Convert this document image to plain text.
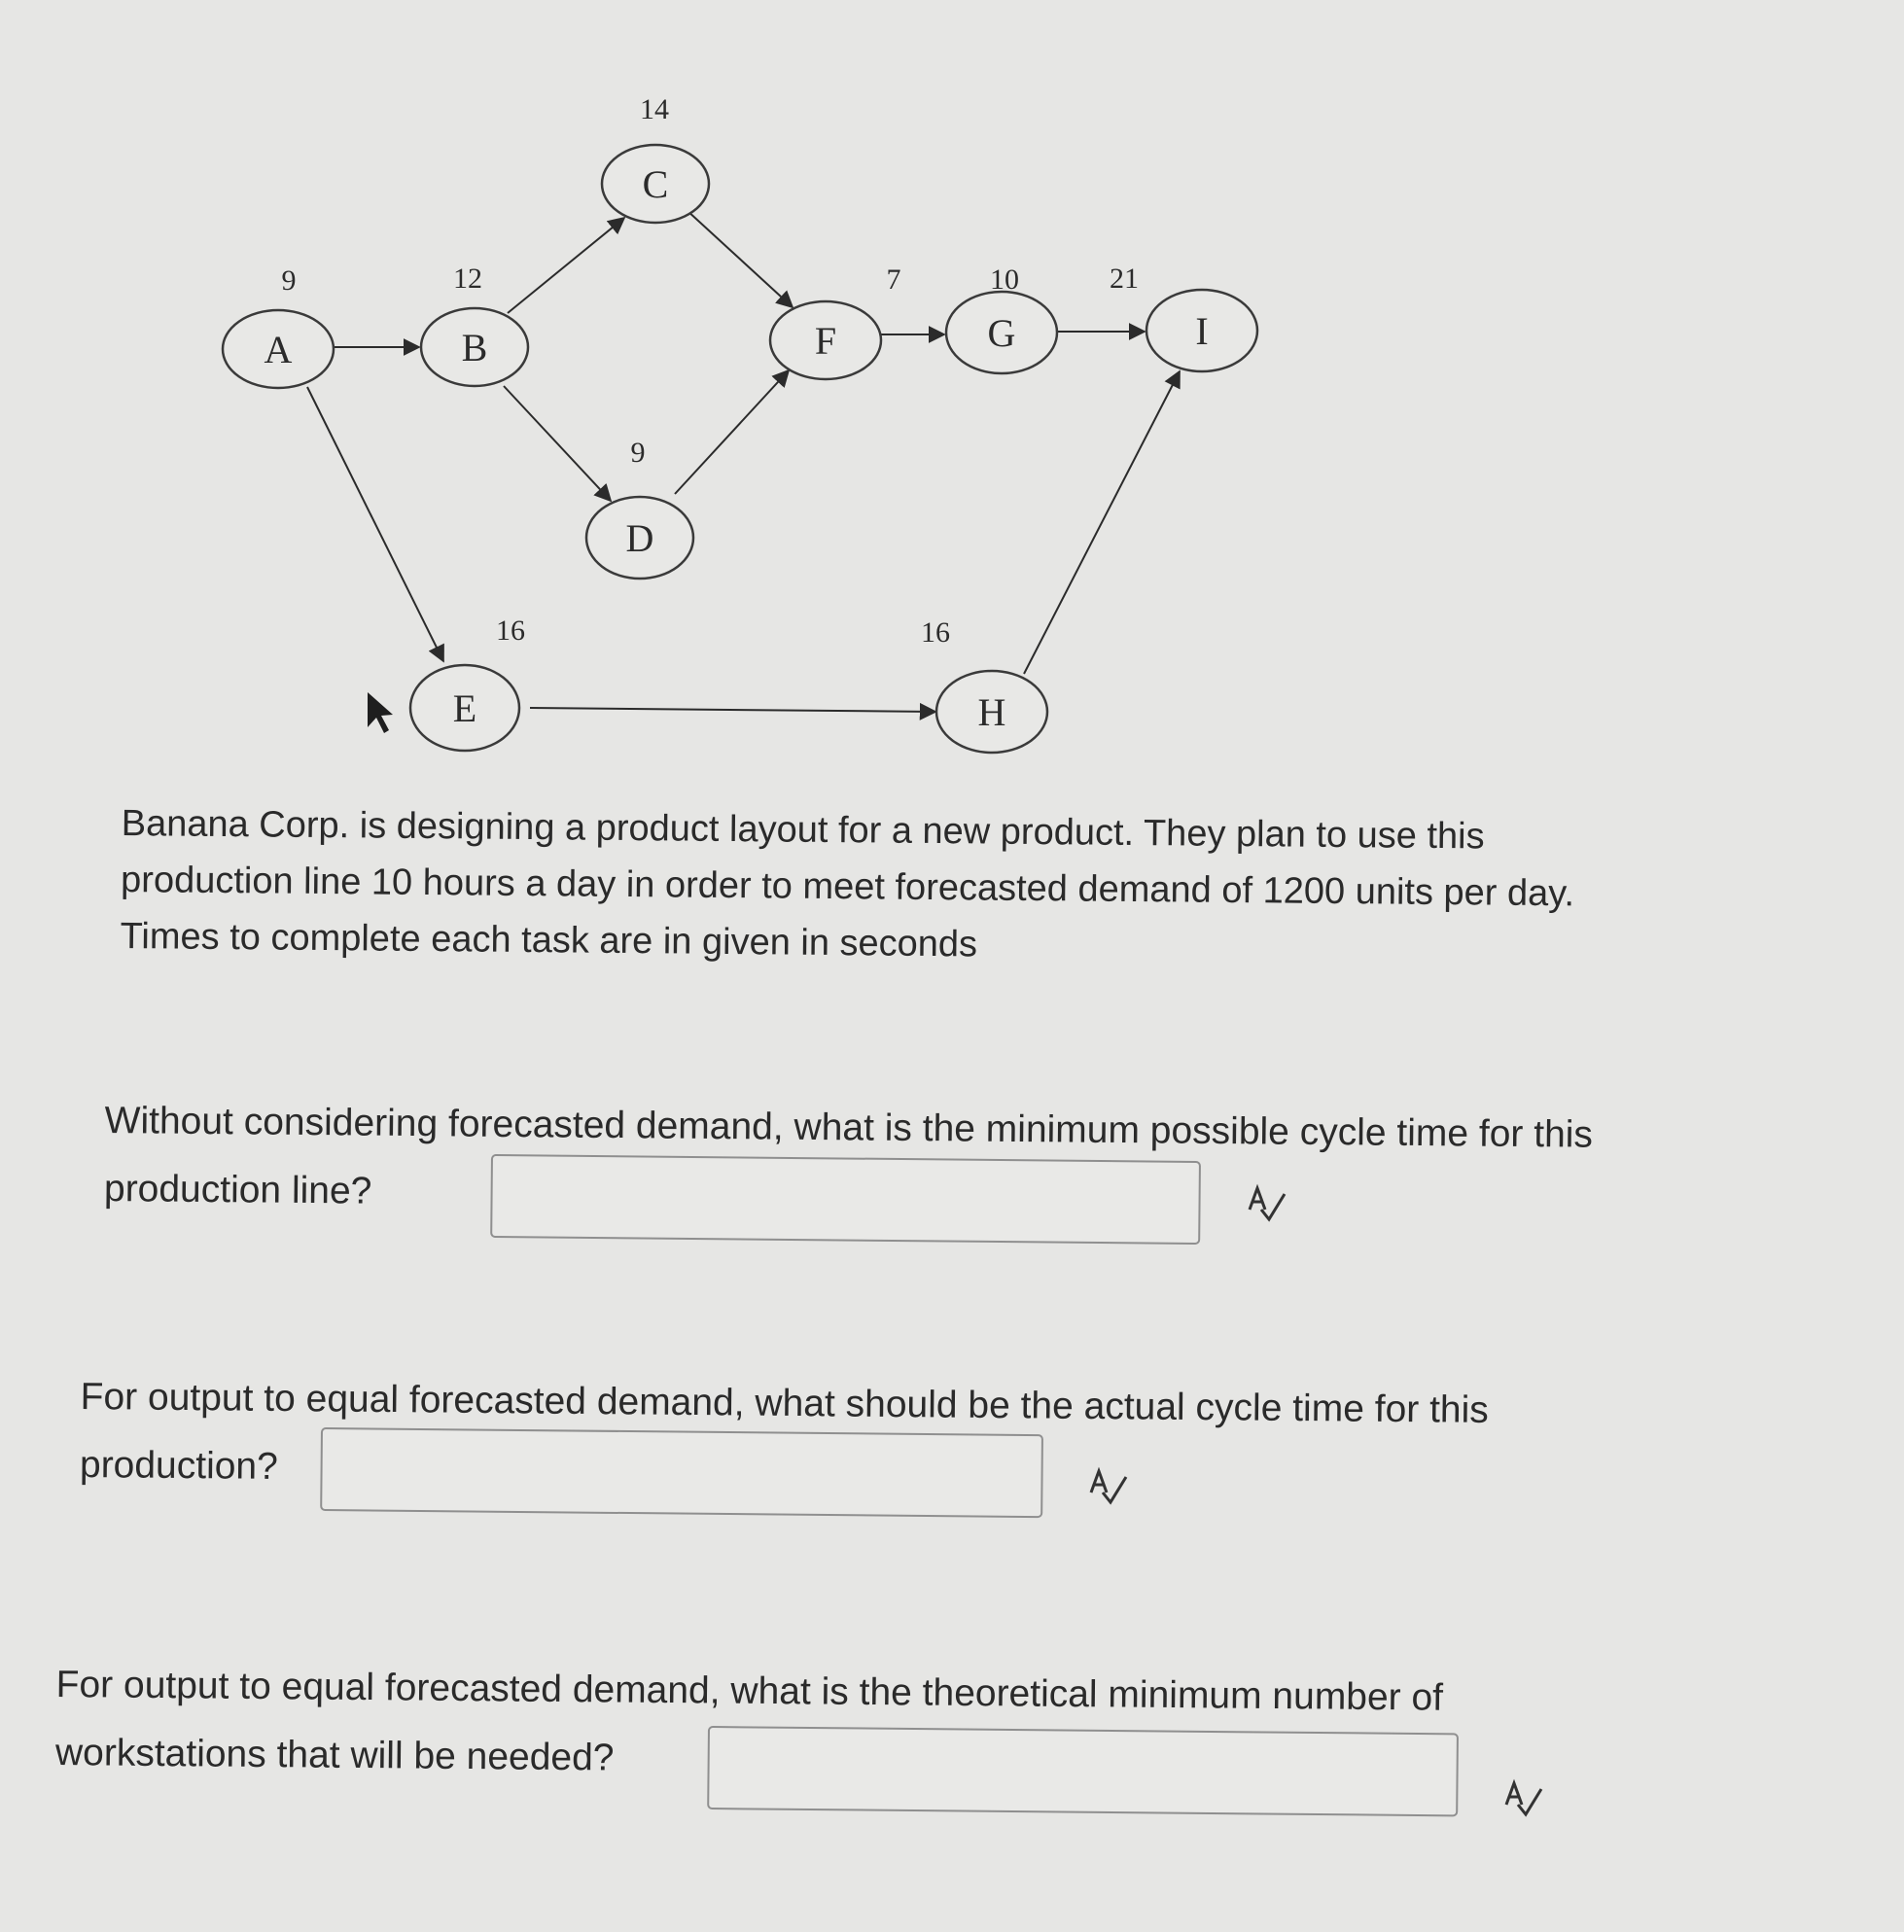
A	B
C
D
E
F	G
H
I
9	12
14
9
16
7	10
16
21
Banana Corp. is designing a product layout for a new product. They plan to use this production line 10 hours a day in order to meet forecasted demand of 1200 units per day. Times to complete each task are in given in seconds
Without considering forecasted demand, what is the minimum possible cycle time for this production line?
For output to equal forecasted demand, what should be the actual cycle time for this production?
For output to equal forecasted demand, what is the theoretical minimum number of workstations that will be needed?
